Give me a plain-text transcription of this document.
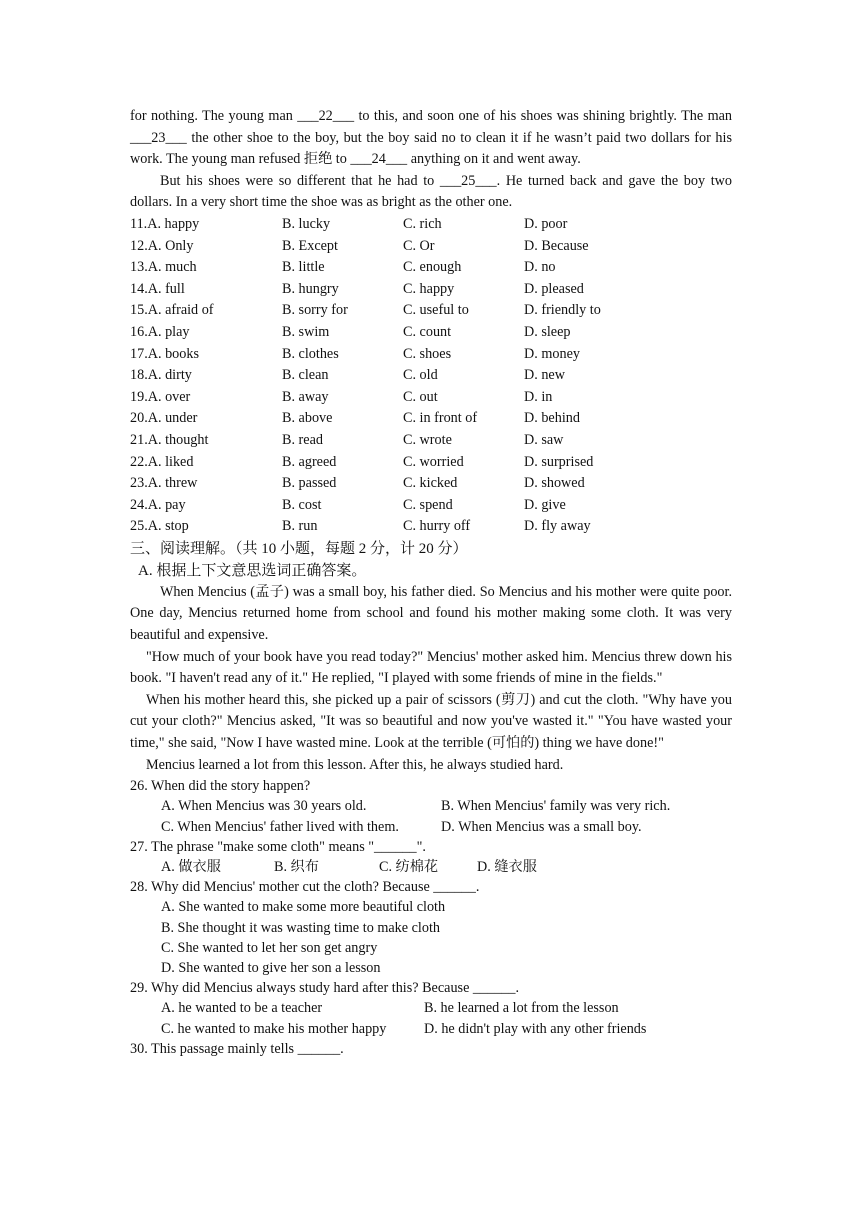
for nothing. The young man ___22___ to this, and soon one of his shoes was shining brightly. The man ___23___ the other shoe to the boy, but the boy said no to clean it if he wasn’t paid two dollars for his work. The young man refused 拒绝 to ___24___ anything on it and went away.

But his shoes were so different that he had to ___25___. He turned back and gave the boy two dollars. In a very short time the shoe was as bright as the other one.

11.A. happy	B. lucky	C. rich	D. poor
12.A. Only	B. Except	C. Or	D. Because
13.A. much	B. little	C. enough	D. no
14.A. full	B. hungry	C. happy	D. pleased
15.A. afraid of	B. sorry for	C. useful to	D. friendly to
16.A. play	B. swim	C. count	D. sleep
17.A. books	B. clothes	C. shoes	D. money
18.A. dirty	B. clean	C. old	D. new
19.A. over	B. away	C. out	D. in
20.A. under	B. above	C. in front of	D. behind
21.A. thought	B. read	C. wrote	D. saw
22.A. liked	B. agreed	C. worried	D. surprised
23.A. threw	B. passed	C. kicked	D. showed
24.A. pay	B. cost	C. spend	D. give
25.A. stop	B. run	C. hurry off	D. fly away

三、阅读理解。（共 10 小题，每题 2 分，计 20 分）

A. 根据上下文意思选词正确答案。

When Mencius (孟子) was a small boy, his father died. So Mencius and his mother were quite poor. One day, Mencius returned home from school and found his mother making some cloth. It was very beautiful and expensive.

"How much of your book have you read today?" Mencius' mother asked him. Mencius threw down his book. "I haven't read any of it." He replied, "I played with some friends of mine in the fields."

When his mother heard this, she picked up a pair of scissors (剪刀) and cut the cloth. "Why have you cut your cloth?" Mencius asked, "It was so beautiful and now you've wasted it." "You have wasted your time," she said, "Now I have wasted mine. Look at the terrible (可怕的) thing we have done!"

Mencius learned a lot from this lesson. After this, he always studied hard.

26. When did the story happen?

A. When Mencius was 30 years old.	B. When Mencius' family was very rich.
C. When Mencius' father lived with them.	D. When Mencius was a small boy.

27. The phrase "make some cloth" means "______".

A. 做衣服	B. 织布	C. 纺棉花	D. 缝衣服

28. Why did Mencius' mother cut the cloth? Because ______.

A. She wanted to make some more beautiful cloth

B. She thought it was wasting time to make cloth

C. She wanted to let her son get angry

D. She wanted to give her son a lesson

29. Why did Mencius always study hard after this? Because ______.

A. he wanted to be a teacher	B. he learned a lot from the lesson
C. he wanted to make his mother happy	D. he didn't play with any other friends

30. This passage mainly tells ______.
